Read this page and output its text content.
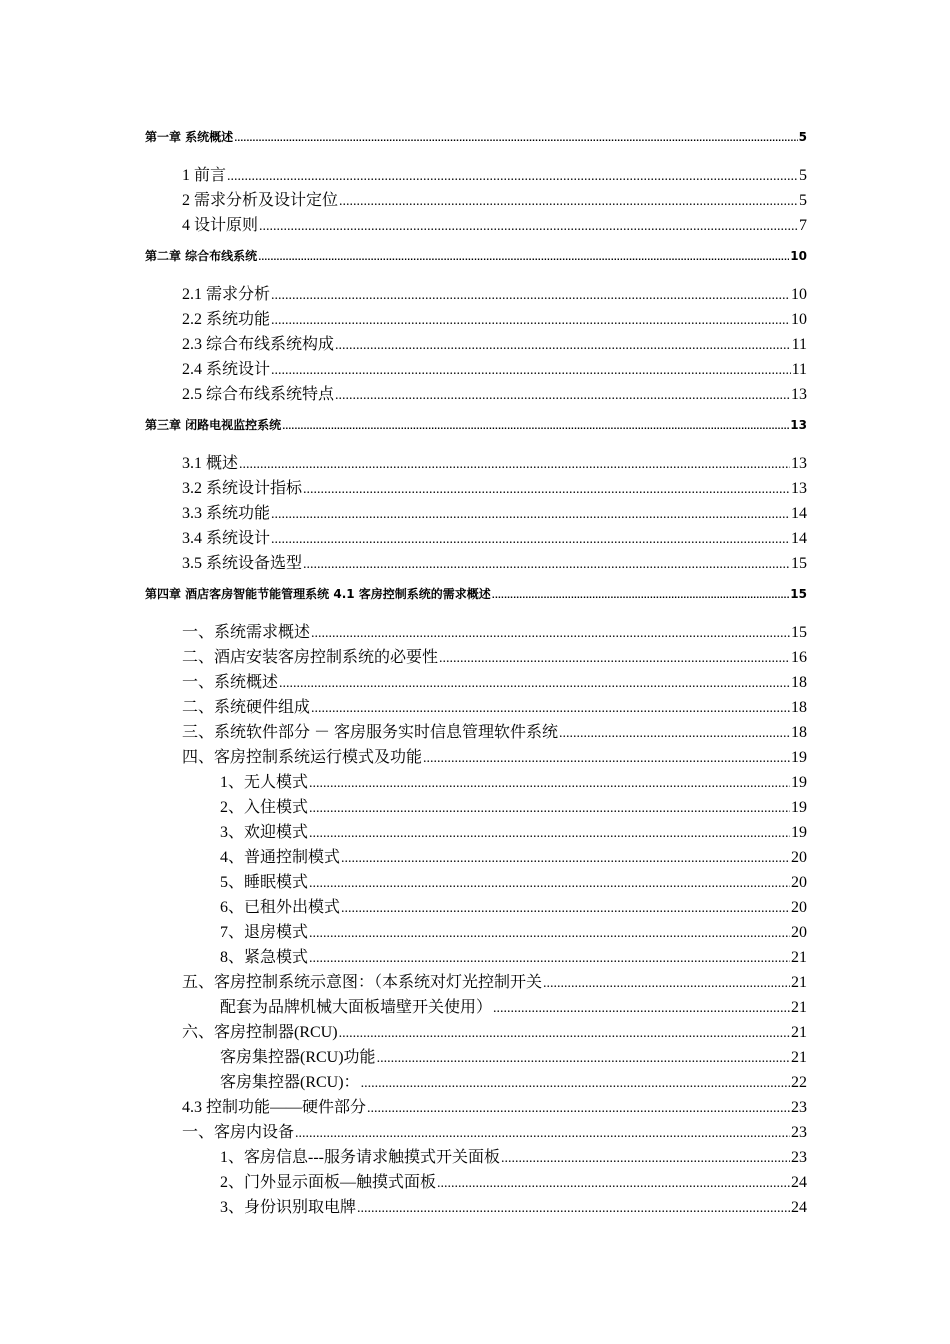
第一章 系统概述 .....	5
1 前言 .....	5
2 需求分析及设计定位 .....	5
4 设计原则 .....	7
第二章 综合布线系统 .....	10
2.1 需求分析 .....	10
2.2 系统功能 .....	10
2.3 综合布线系统构成 .....	11
2.4 系统设计 .....	11
2.5 综合布线系统特点 .....	13
第三章 闭路电视监控系统 .....	13
3.1 概述 .....	13
3.2 系统设计指标 .....	13
3.3 系统功能 .....	14
3.4 系统设计 .....	14
3.5 系统设备选型 .....	15
第四章 酒店客房智能节能管理系统 4.1 客房控制系统的需求概述 .....	15
一、系统需求概述 .....	15
二、酒店安装客房控制系统的必要性 .....	16
一、系统概述 .....	18
二、系统硬件组成 .....	18
三、系统软件部分 － 客房服务实时信息管理软件系统 .....	18
四、客房控制系统运行模式及功能 .....	19
1、无人模式 .....	19
2、入住模式 .....	19
3、欢迎模式 .....	19
4、普通控制模式 .....	20
5、睡眠模式 .....	20
6、已租外出模式 .....	20
7、退房模式 .....	20
8、紧急模式 .....	21
五、客房控制系统示意图：（本系统对灯光控制开关 .....	21
配套为品牌机械大面板墙壁开关使用） .....	21
六、客房控制器(RCU) .....	21
客房集控器(RCU)功能 .....	21
客房集控器(RCU)： .....	22
4.3 控制功能——硬件部分 .....	23
一、客房内设备 .....	23
1、客房信息---服务请求触摸式开关面板 .....	23
2、门外显示面板—触摸式面板 .....	24
3、身份识别取电牌 .....	24
